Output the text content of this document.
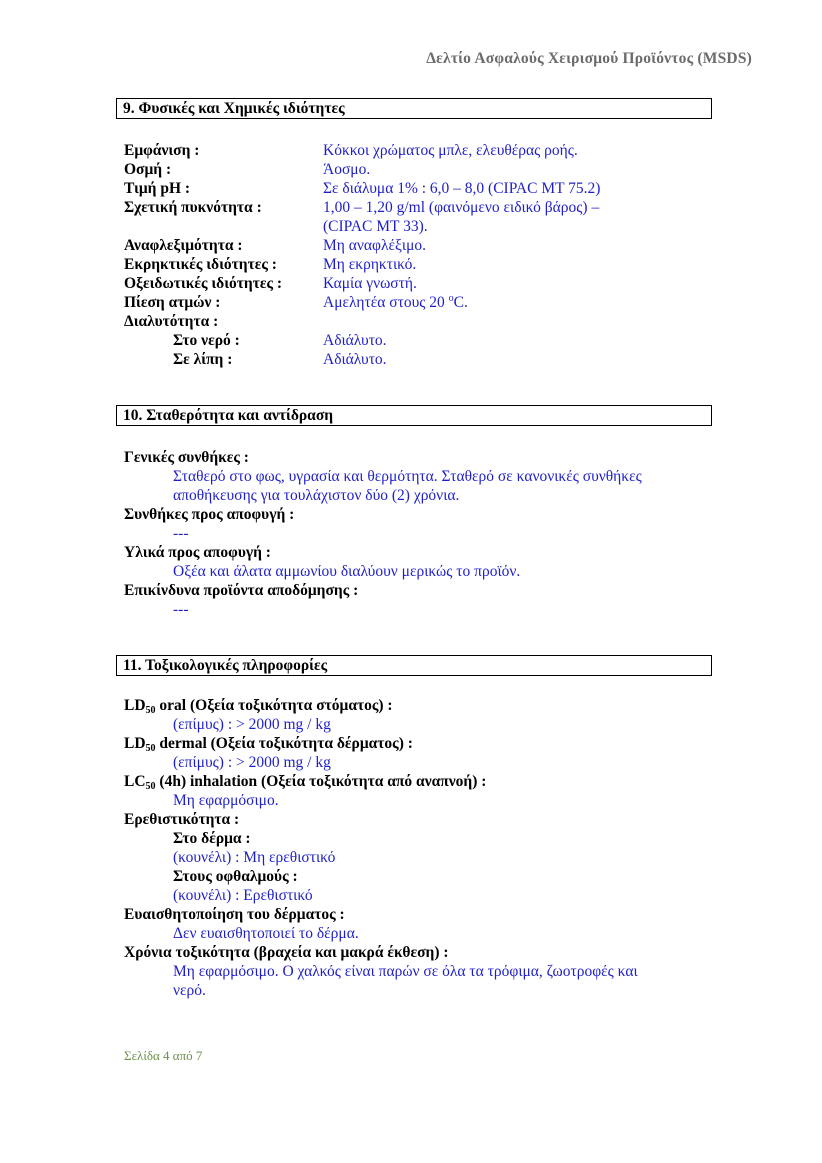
Δελτίο Ασφαλούς Χειρισμού Προϊόντος (MSDS)
9. Φυσικές και Χημικές ιδιότητες
Εμφάνιση :	Κόκκοι χρώματος μπλε, ελευθέρας ροής.
Οσμή :	Άοσμο.
Τιμή pH :	Σε διάλυμα 1% : 6,0 – 8,0 (CIPAC MT 75.2)
Σχετική πυκνότητα :	1,00 – 1,20 g/ml (φαινόμενο ειδικό βάρος) –
(CIPAC MT 33).
Αναφλεξιμότητα :	Μη αναφλέξιμο.
Εκρηκτικές ιδιότητες :	Μη εκρηκτικό.
Οξειδωτικές ιδιότητες :	Καμία γνωστή.
Πίεση ατμών :	Αμελητέα στους 20 $^o$C.
Διαλυτότητα :
Στο νερό :	Αδιάλυτο.
Σε λίπη :	Αδιάλυτο.
10. Σταθερότητα και αντίδραση
Γενικές συνθήκες :
Σταθερό στο φως, υγρασία και θερμότητα. Σταθερό σε κανονικές συνθήκες
αποθήκευσης για τουλάχιστον δύο (2) χρόνια.
Συνθήκες προς αποφυγή :
---
Υλικά προς αποφυγή :
Οξέα και άλατα αμμωνίου διαλύουν μερικώς το προϊόν.
Επικίνδυνα προϊόντα αποδόμησης :
---
11. Τοξικολογικές πληροφορίες
LD50 oral (Οξεία τοξικότητα στόματος) :
(επίμυς) : > 2000 mg / kg
LD50 dermal (Οξεία τοξικότητα δέρματος) :
(επίμυς) : > 2000 mg / kg
LC50 (4h) inhalation (Οξεία τοξικότητα από αναπνοή) :
Μη εφαρμόσιμο.
Ερεθιστικότητα :
Στο δέρμα :
(κουνέλι) : Μη ερεθιστικό
Στους οφθαλμούς :
(κουνέλι) : Ερεθιστικό
Ευαισθητοποίηση του δέρματος :
Δεν ευαισθητοποιεί το δέρμα.
Χρόνια τοξικότητα (βραχεία και μακρά έκθεση) :
Μη εφαρμόσιμο. Ο χαλκός είναι παρών σε όλα τα τρόφιμα, ζωοτροφές και
νερό.
Σελίδα 4 από 7
